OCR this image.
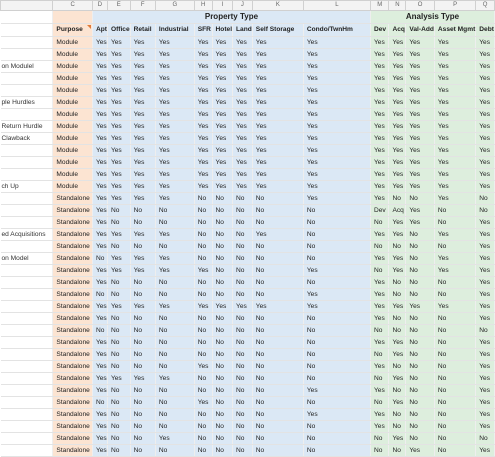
	C	D	E	F	G	H	I	J	K	L	M	N	O	P	Q
		Property Type									Analysis Type				
	Purpose	Apt	Office	Retail	Industrial	SFR	Hotel	Land	Self Storage	Condo/TwnHm	Dev	Acq	Val-Add	Asset Mgmt	Debt
	Module	Yes	Yes	Yes	Yes	Yes	Yes	Yes	Yes	Yes	Yes	Yes	Yes	Yes	Yes
	Module	Yes	Yes	Yes	Yes	Yes	Yes	Yes	Yes	Yes	Yes	Yes	Yes	Yes	Yes
on Modulel	Module	Yes	Yes	Yes	Yes	Yes	Yes	Yes	Yes	Yes	Yes	Yes	Yes	Yes	Yes
	Module	Yes	Yes	Yes	Yes	Yes	Yes	Yes	Yes	Yes	Yes	Yes	Yes	Yes	Yes
	Module	Yes	Yes	Yes	Yes	Yes	Yes	Yes	Yes	Yes	Yes	Yes	Yes	Yes	Yes
ple Hurdles	Module	Yes	Yes	Yes	Yes	Yes	Yes	Yes	Yes	Yes	Yes	Yes	Yes	Yes	Yes
	Module	Yes	Yes	Yes	Yes	Yes	Yes	Yes	Yes	Yes	Yes	Yes	Yes	Yes	Yes
Return Hurdle	Module	Yes	Yes	Yes	Yes	Yes	Yes	Yes	Yes	Yes	Yes	Yes	Yes	Yes	Yes
Clawback	Module	Yes	Yes	Yes	Yes	Yes	Yes	Yes	Yes	Yes	Yes	Yes	Yes	Yes	Yes
	Module	Yes	Yes	Yes	Yes	Yes	Yes	Yes	Yes	Yes	Yes	Yes	Yes	Yes	Yes
	Module	Yes	Yes	Yes	Yes	Yes	Yes	Yes	Yes	Yes	Yes	Yes	Yes	Yes	Yes
	Module	Yes	Yes	Yes	Yes	Yes	Yes	Yes	Yes	Yes	Yes	Yes	Yes	Yes	Yes
ch Up	Module	Yes	Yes	Yes	Yes	Yes	Yes	Yes	Yes	Yes	Yes	Yes	Yes	Yes	Yes
	Standalone	Yes	Yes	Yes	Yes	No	No	No	No	Yes	Yes	No	No	Yes	No
	Standalone	Yes	No	No	No	No	No	No	No	No	Dev	Acq	Yes	No	No
	Standalone	Yes	No	No	No	No	No	No	No	No	No	Yes	Yes	No	Yes
ed Acquisitions	Standalone	Yes	Yes	Yes	Yes	No	No	No	Yes	No	Yes	Yes	No	Yes	Yes
	Standalone	Yes	No	No	No	No	No	No	No	No	No	No	No	No	Yes
on Model	Standalone	No	Yes	Yes	Yes	No	No	No	No	No	Yes	Yes	No	Yes	Yes
	Standalone	Yes	Yes	Yes	Yes	Yes	No	No	No	Yes	No	Yes	No	Yes	Yes
	Standalone	Yes	No	No	No	No	No	No	No	No	Yes	No	No	No	Yes
	Standalone	No	No	No	No	No	No	No	No	Yes	Yes	No	No	No	Yes
	Standalone	Yes	Yes	Yes	Yes	Yes	Yes	Yes	Yes	Yes	Yes	Yes	Yes	Yes	Yes
	Standalone	Yes	No	No	No	No	No	No	No	No	Yes	No	No	No	Yes
	Standalone	No	No	No	No	No	No	No	No	No	No	No	No	No	No
	Standalone	Yes	No	No	No	No	No	No	No	No	Yes	Yes	No	No	Yes
	Standalone	Yes	No	No	No	No	No	No	No	No	No	Yes	No	No	Yes
	Standalone	Yes	No	No	No	Yes	No	No	No	No	Yes	No	No	No	Yes
	Standalone	Yes	Yes	Yes	Yes	No	No	No	No	No	No	Yes	No	No	Yes
	Standalone	Yes	No	No	No	No	No	No	No	Yes	Yes	No	No	No	Yes
	Standalone	No	No	No	No	Yes	No	No	No	No	No	Yes	No	No	Yes
	Standalone	Yes	No	No	No	No	No	No	No	Yes	Yes	No	No	No	Yes
	Standalone	Yes	No	No	No	No	No	No	No	No	Yes	No	No	No	Yes
	Standalone	Yes	No	No	Yes	No	No	No	No	No	No	Yes	No	No	No
	Standalone	Yes	No	No	No	No	No	No	No	No	No	No	Yes	No	Yes
